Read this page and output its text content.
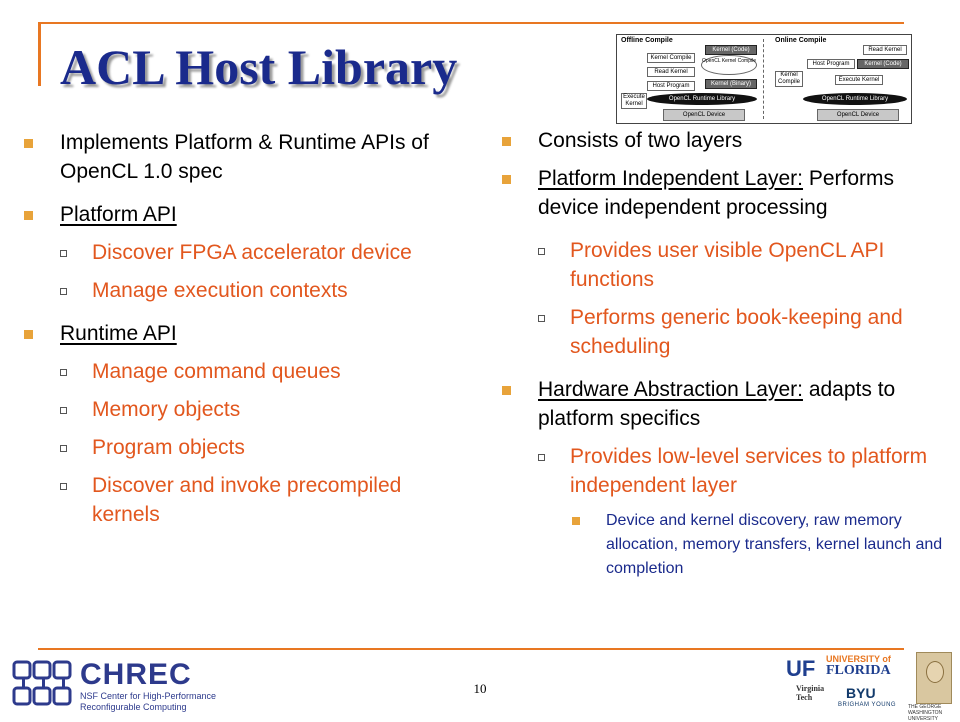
ACL Host Library	Offline Compile	Online Compile
Kernel (Code)
Kernel Compile	OpenCL Kernel Compile
Read Kernel
Kernel (Binary)
Host Program
Execute Kernel
OpenCL Runtime Library
OpenCL Device
Read Kernel
Kernel Compile
Host Program	Kernel (Code)
Execute Kernel
OpenCL Runtime Library
OpenCL Device
Implements Platform & Runtime APIs of OpenCL 1.0 spec
Platform API
Discover FPGA accelerator device
Manage execution contexts
Runtime API
Manage command queues
Memory objects
Program objects
Discover and invoke precompiled kernels
Consists of two layers
Platform Independent Layer: Performs device independent processing
Provides user visible OpenCL API functions
Performs generic book-keeping and scheduling
Hardware Abstraction Layer: adapts to platform specifics
Provides low-level services to platform independent layer
Device and kernel discovery, raw memory allocation, memory transfers, kernel launch and completion
CHREC
NSF Center for High-Performance
Reconfigurable Computing
10
UF UNIVERSITY of
FLORIDA
Virginia
Tech	BYU
BRIGHAM YOUNG THE GEORGE WASHINGTON UNIVERSITY
